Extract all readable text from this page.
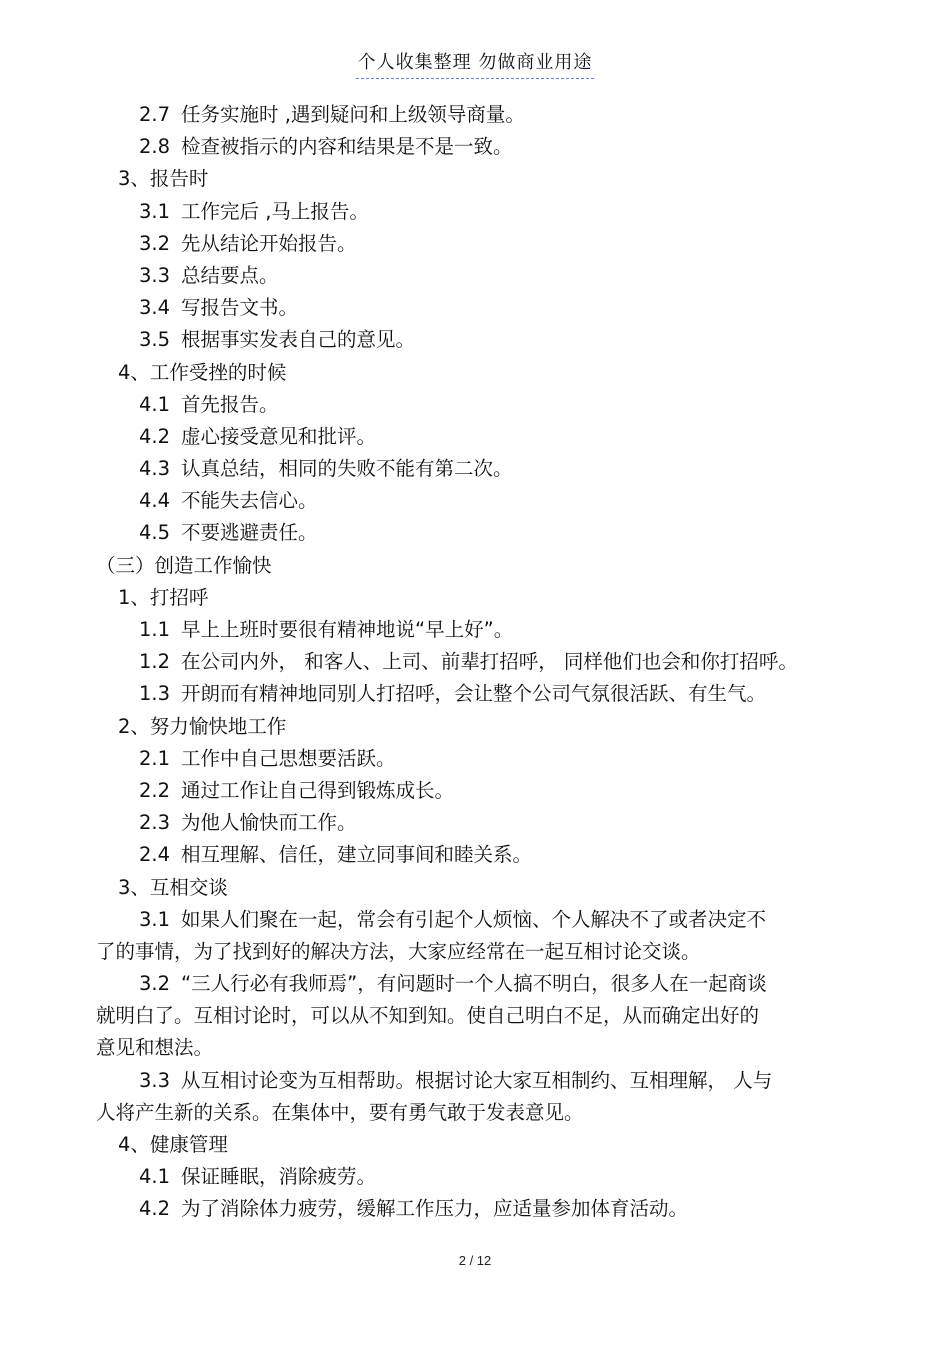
个人收集整理 勿做商业用途
2.7 任务实施时 ,遇到疑问和上级领导商量。
2.8 检查被指示的内容和结果是不是一致。
3、报告时
3.1 工作完后 ,马上报告。
3.2 先从结论开始报告。
3.3 总结要点。
3.4 写报告文书。
3.5 根据事实发表自己的意见。
4、工作受挫的时候
4.1 首先报告。
4.2 虚心接受意见和批评。
4.3 认真总结，相同的失败不能有第二次。
4.4 不能失去信心。
4.5 不要逃避责任。
（三）创造工作愉快
1、打招呼
1.1 早上上班时要很有精神地说“早上好”。
1.2 在公司内外， 和客人、上司、前辈打招呼， 同样他们也会和你打招呼。
1.3 开朗而有精神地同别人打招呼，会让整个公司气氛很活跃、有生气。
2、努力愉快地工作
2.1 工作中自己思想要活跃。
2.2 通过工作让自己得到锻炼成长。
2.3 为他人愉快而工作。
2.4 相互理解、信任，建立同事间和睦关系。
3、互相交谈
3.1 如果人们聚在一起，常会有引起个人烦恼、个人解决不了或者决定不
了的事情，为了找到好的解决方法，大家应经常在一起互相讨论交谈。
3.2 “三人行必有我师焉”，有问题时一个人搞不明白，很多人在一起商谈
就明白了。互相讨论时，可以从不知到知。使自己明白不足，从而确定出好的
意见和想法。
3.3 从互相讨论变为互相帮助。根据讨论大家互相制约、互相理解， 人与
人将产生新的关系。在集体中，要有勇气敢于发表意见。
4、健康管理
4.1 保证睡眠，消除疲劳。
4.2 为了消除体力疲劳，缓解工作压力，应适量参加体育活动。
2 / 12
